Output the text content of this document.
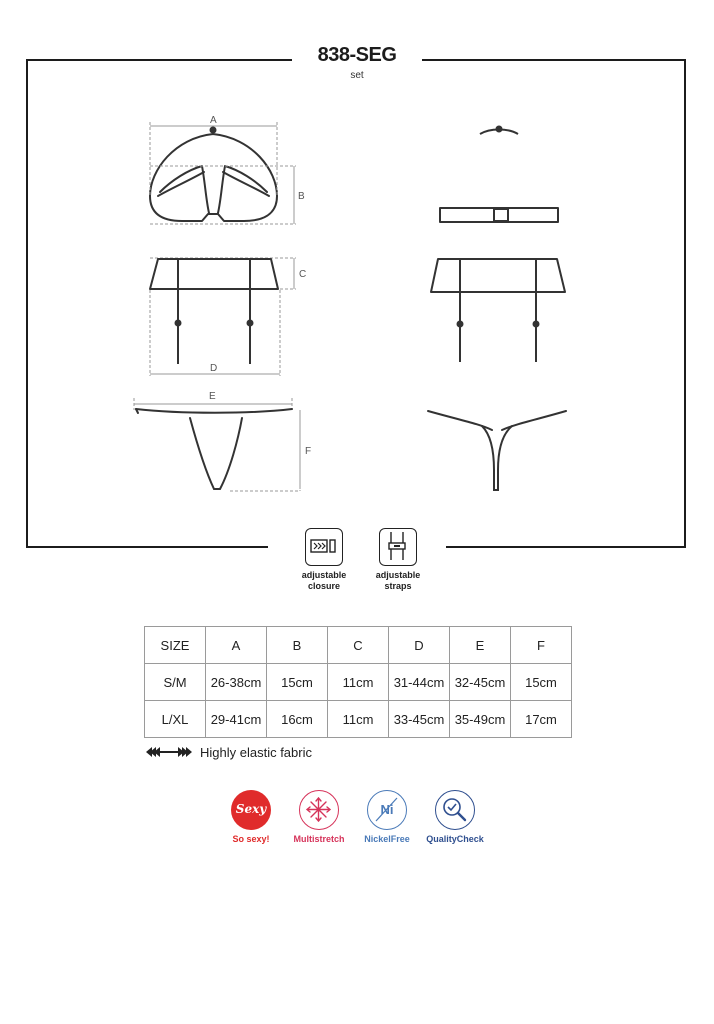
838-SEG
set
A
B
C
D
E
F
adjustable
closure
adjustable
straps
SIZE	A	B	C	D	E	F
S/M	26-38cm	15cm	11cm	31-44cm	32-45cm	15cm
L/XL	29-41cm	16cm	11cm	33-45cm	35-49cm	17cm
Highly elastic fabric
Sexy
So sexy!	Multistretch
Ni
NickelFree	QualityCheck
